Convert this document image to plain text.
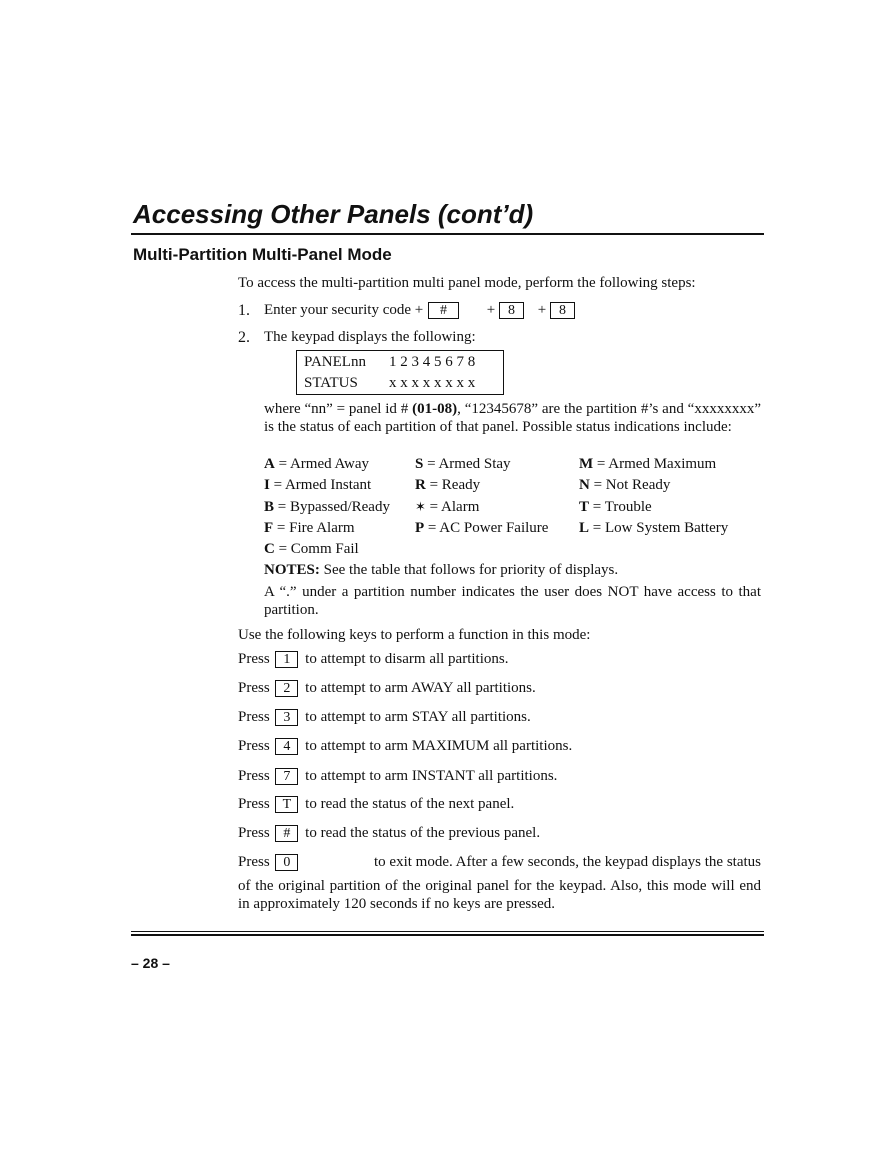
Accessing Other Panels (cont’d)
Multi-Partition Multi-Panel Mode
To access the multi-partition multi panel mode, perform the following steps:
1. Enter your security code + #	+ 8 + 8
2. The keypad displays the following:
PANELnn 1 2 3 4 5 6 7 8
STATUS x x x x x x x x
where “nn” = panel id # (01-08), “12345678” are the partition #’s and “xxxxxxxx” is the status of each partition of that panel. Possible status indications include:
A = Armed Away	S = Armed Stay	M = Armed Maximum
I = Armed Instant	R = Ready	N = Not Ready
B = Bypassed/Ready ✶ = Alarm	T = Trouble
F = Fire Alarm	P = AC Power Failure L = Low System Battery
C = Comm Fail
NOTES: See the table that follows for priority of displays.
A “.” under a partition number indicates the user does NOT have access to that partition.
Use the following keys to perform a function in this mode:
Press 1 to attempt to disarm all partitions.
Press 2 to attempt to arm AWAY all partitions.
Press 3 to attempt to arm STAY all partitions.
Press 4 to attempt to arm MAXIMUM all partitions.
Press 7 to attempt to arm INSTANT all partitions.
Press T to read the status of the next panel.
Press # to read the status of the previous panel.
Press 0	to exit mode. After a few seconds, the keypad displays the status
of the original partition of the original panel for the keypad. Also, this mode will end in approximately 120 seconds if no keys are pressed.
– 28 –
